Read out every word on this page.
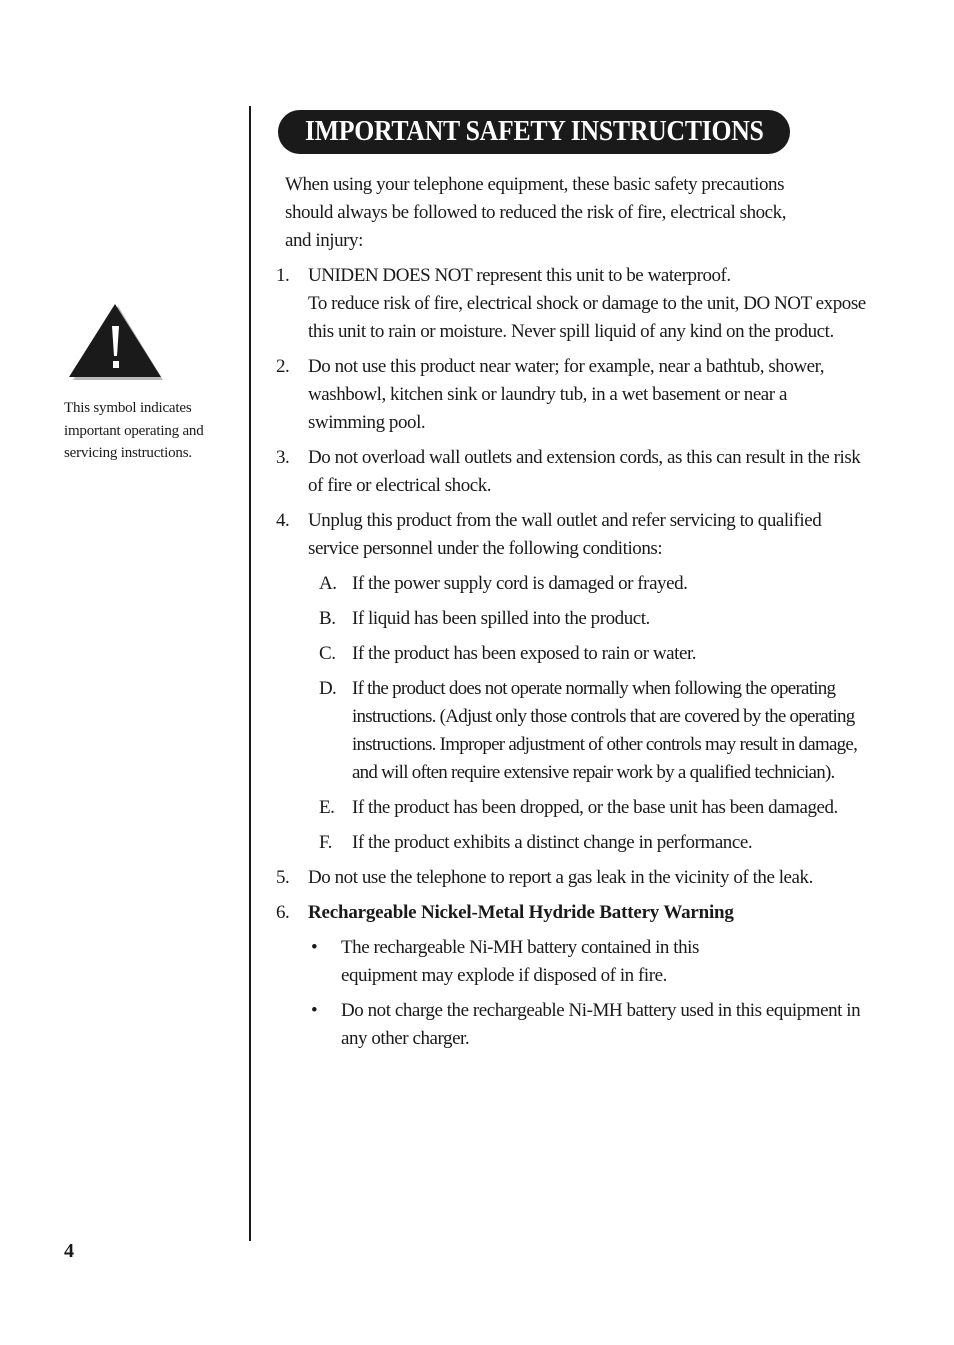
This symbol indicates
important operating and
servicing instructions.
IMPORTANT SAFETY INSTRUCTIONS
When using your telephone equipment, these basic safety precautions
should always be followed to reduced the risk of fire, electrical shock,
and injury:
1. UNIDEN DOES NOT represent this unit to be waterproof.
To reduce risk of fire, electrical shock or damage to the unit, DO NOT expose
this unit to rain or moisture. Never spill liquid of any kind on the product.
2. Do not use this product near water; for example, near a bathtub, shower,
washbowl, kitchen sink or laundry tub, in a wet basement or near a
swimming pool.
3. Do not overload wall outlets and extension cords, as this can result in the risk
of fire or electrical shock.
4. Unplug this product from the wall outlet and refer servicing to qualified
service personnel under the following conditions:
A. If the power supply cord is damaged or frayed.
B. If liquid has been spilled into the product.
C. If the product has been exposed to rain or water.
D. If the product does not operate normally when following the operating
instructions. (Adjust only those controls that are covered by the operating
instructions. Improper adjustment of other controls may result in damage,
and will often require extensive repair work by a qualified technician).
E. If the product has been dropped, or the base unit has been damaged.
F. If the product exhibits a distinct change in performance.
5. Do not use the telephone to report a gas leak in the vicinity of the leak.
6. Rechargeable Nickel-Metal Hydride Battery Warning
• The rechargeable Ni-MH battery contained in this
equipment may explode if disposed of in fire.
• Do not charge the rechargeable Ni-MH battery used in this equipment in
any other charger.
4
